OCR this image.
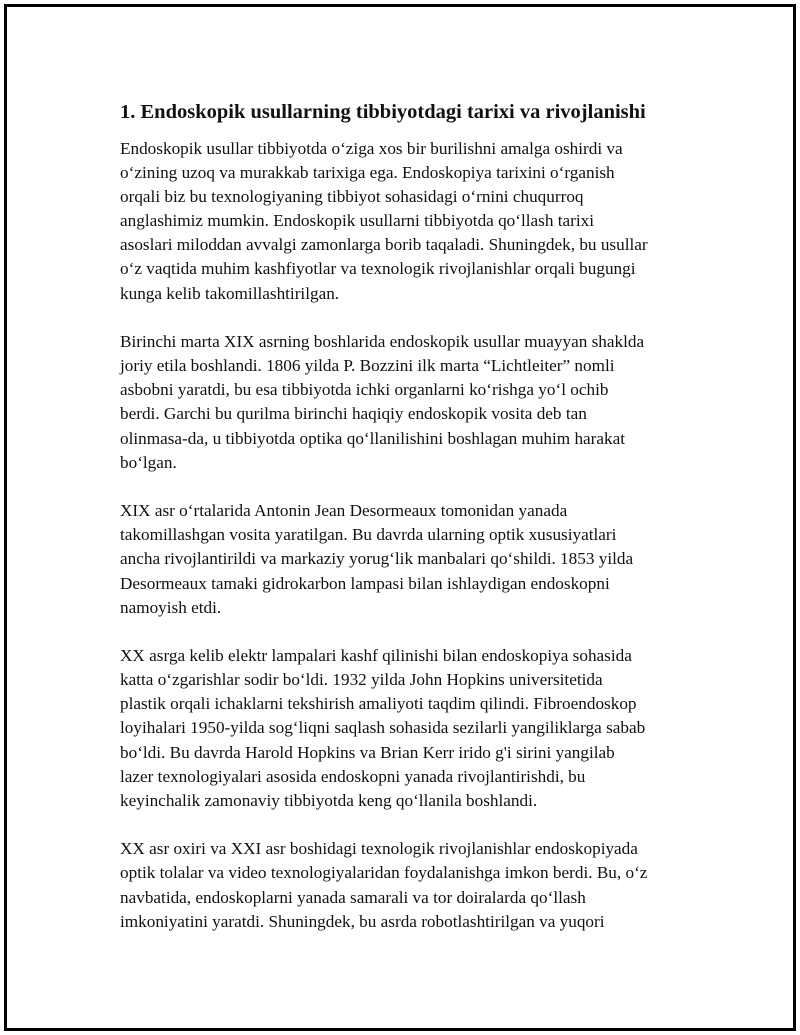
1. Endoskopik usullarning tibbiyotdagi tarixi va rivojlanishi

Endoskopik usullar tibbiyotda o‘ziga xos bir burilishni amalga oshirdi va
o‘zining uzoq va murakkab tarixiga ega. Endoskopiya tarixini o‘rganish
orqali biz bu texnologiyaning tibbiyot sohasidagi o‘rnini chuqurroq
anglashimiz mumkin. Endoskopik usullarni tibbiyotda qo‘llash tarixi
asoslari miloddan avvalgi zamonlarga borib taqaladi. Shuningdek, bu usullar
o‘z vaqtida muhim kashfiyotlar va texnologik rivojlanishlar orqali bugungi
kunga kelib takomillashtirilgan.

Birinchi marta XIX asrning boshlarida endoskopik usullar muayyan shaklda
joriy etila boshlandi. 1806 yilda P. Bozzini ilk marta “Lichtleiter” nomli
asbobni yaratdi, bu esa tibbiyotda ichki organlarni ko‘rishga yo‘l ochib
berdi. Garchi bu qurilma birinchi haqiqiy endoskopik vosita deb tan
olinmasa-da, u tibbiyotda optika qo‘llanilishini boshlagan muhim harakat
bo‘lgan.

XIX asr o‘rtalarida Antonin Jean Desormeaux tomonidan yanada
takomillashgan vosita yaratilgan. Bu davrda ularning optik xususiyatlari
ancha rivojlantirildi va markaziy yorug‘lik manbalari qo‘shildi. 1853 yilda
Desormeaux tamaki gidrokarbon lampasi bilan ishlaydigan endoskopni
namoyish etdi.

XX asrga kelib elektr lampalari kashf qilinishi bilan endoskopiya sohasida
katta o‘zgarishlar sodir bo‘ldi. 1932 yilda John Hopkins universitetida
plastik orqali ichaklarni tekshirish amaliyoti taqdim qilindi. Fibroendoskop
loyihalari 1950-yilda sog‘liqni saqlash sohasida sezilarli yangiliklarga sabab
bo‘ldi. Bu davrda Harold Hopkins va Brian Kerr irido g'i sirini yangilab
lazer texnologiyalari asosida endoskopni yanada rivojlantirishdi, bu
keyinchalik zamonaviy tibbiyotda keng qo‘llanila boshlandi.

XX asr oxiri va XXI asr boshidagi texnologik rivojlanishlar endoskopiyada
optik tolalar va video texnologiyalaridan foydalanishga imkon berdi. Bu, o‘z
navbatida, endoskoplarni yanada samarali va tor doiralarda qo‘llash
imkoniyatini yaratdi. Shuningdek, bu asrda robotlashtirilgan va yuqori
